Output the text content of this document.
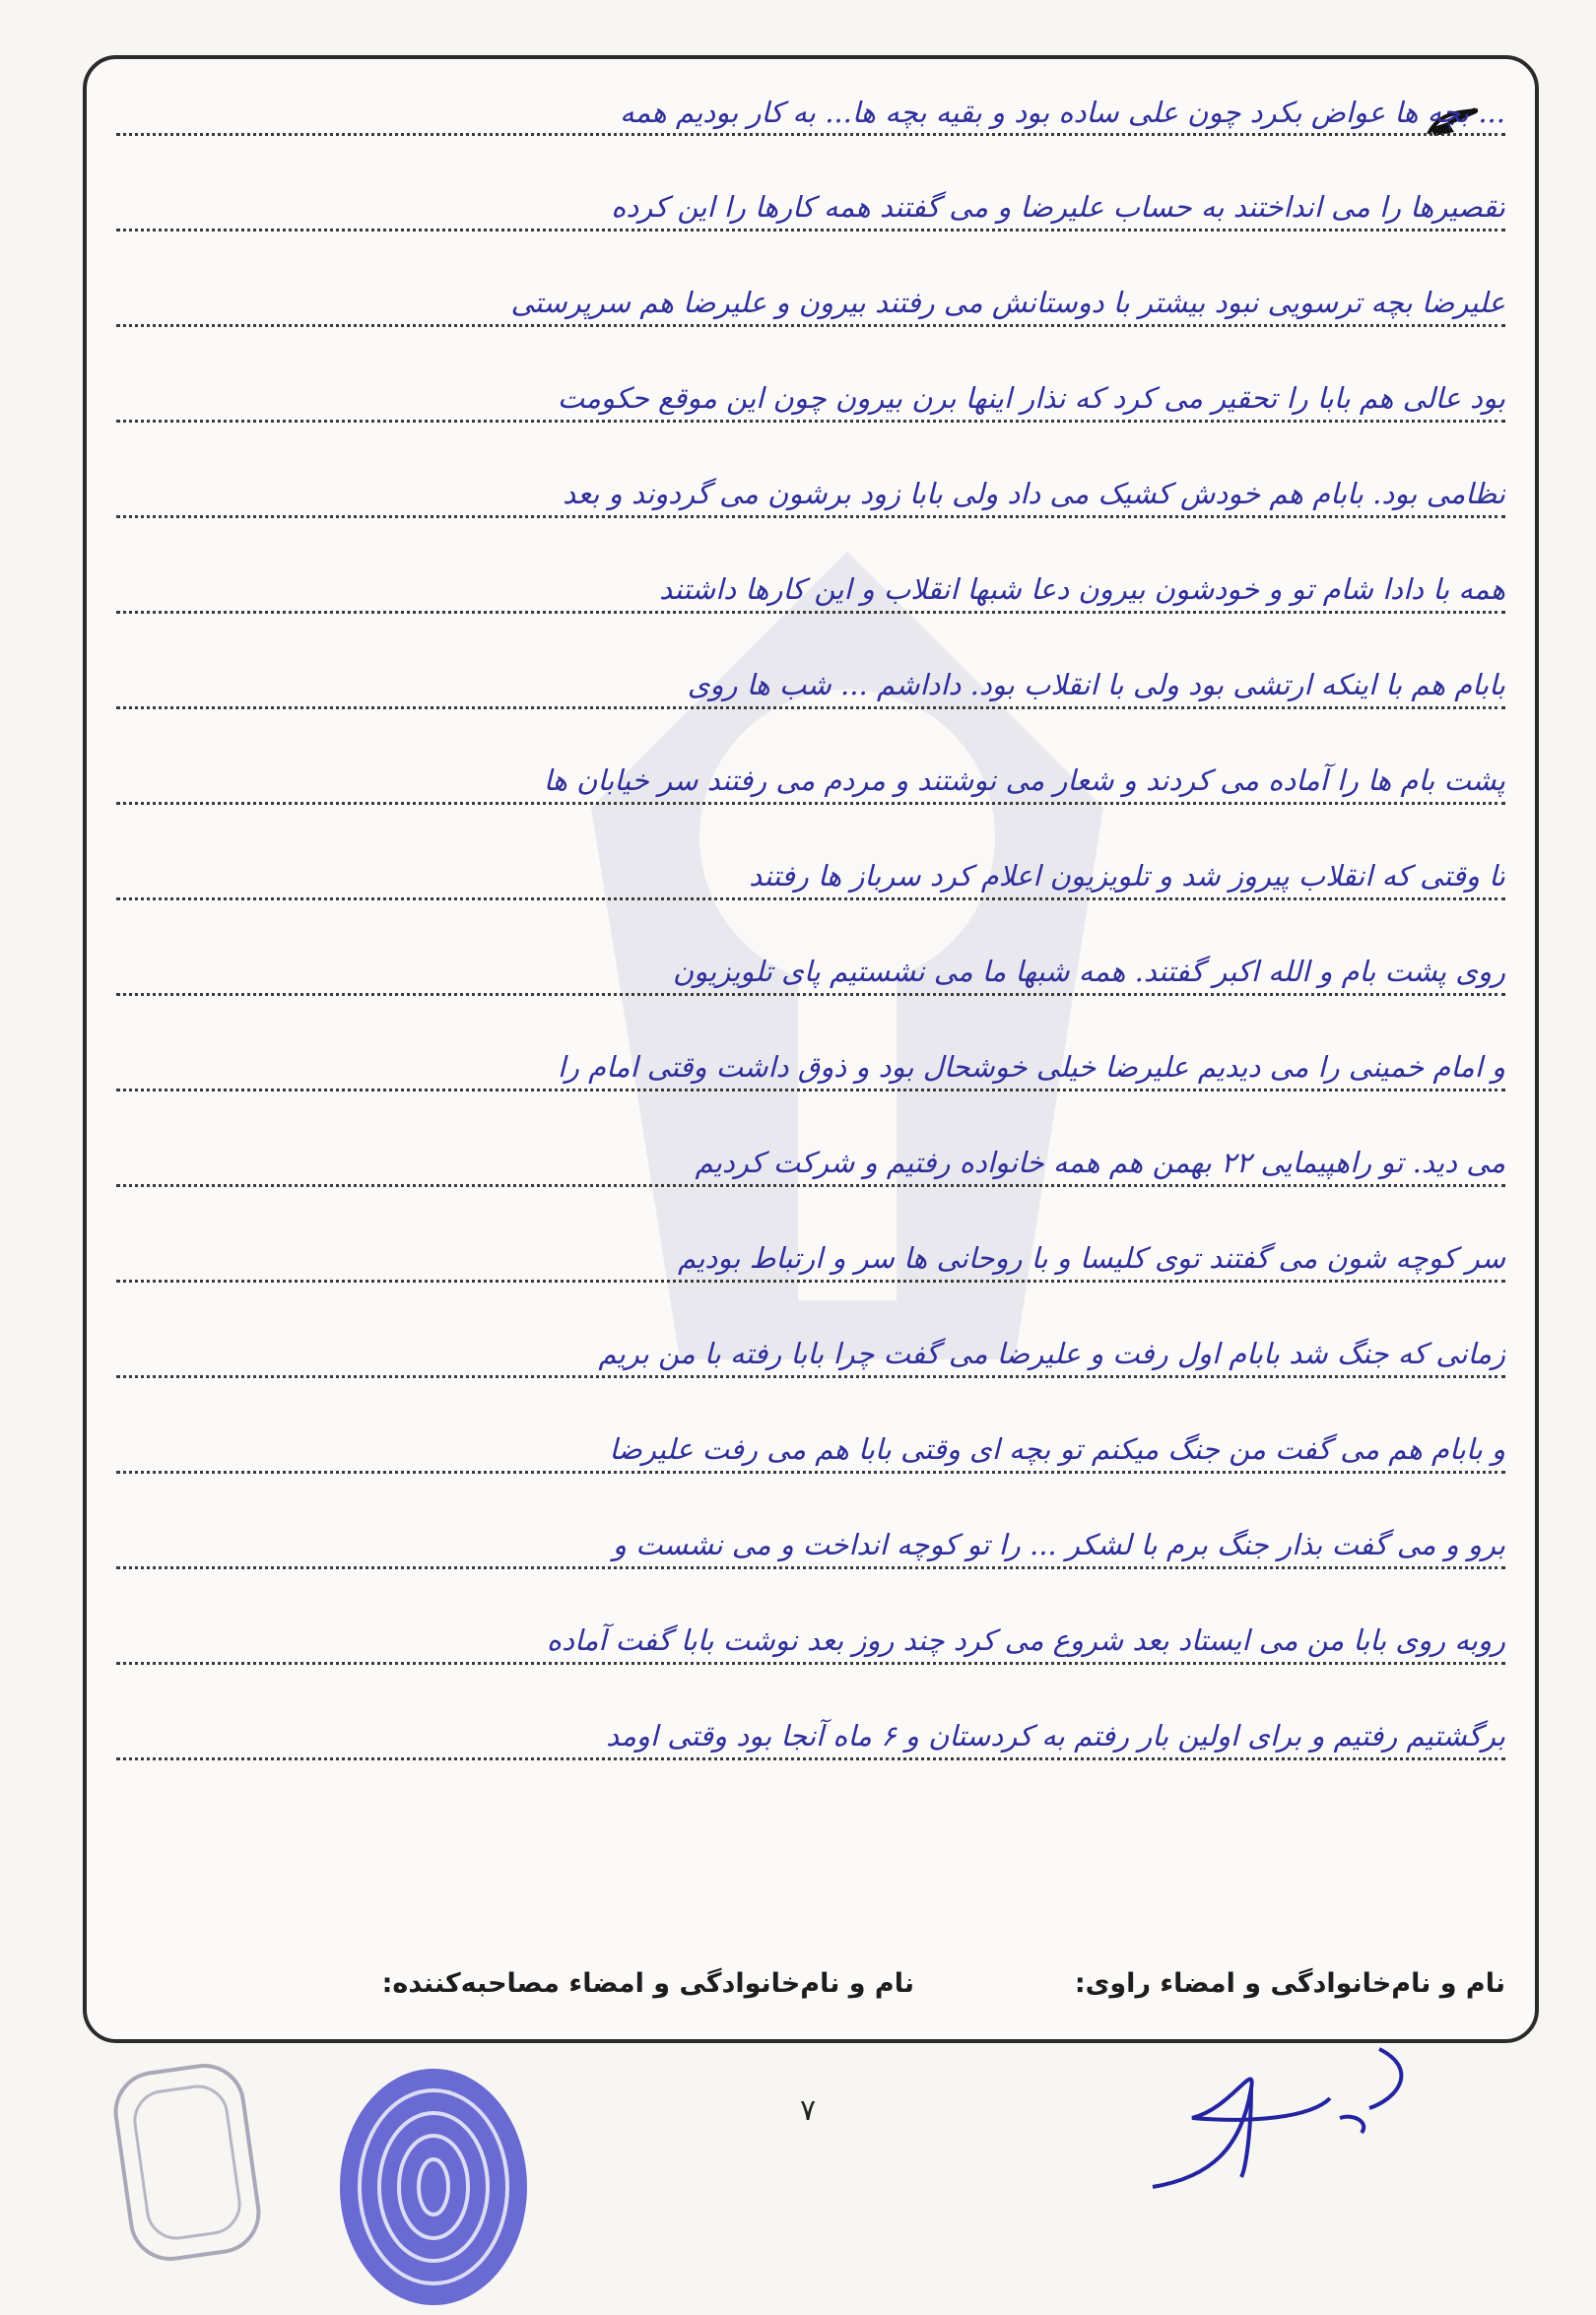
... بچه ها عواض بکرد چون علی ساده بود و بقیه بچه ها... به کار بودیم همه
تقصیرها را می انداختند به حساب علیرضا و می گفتند همه کارها را این کرده
علیرضا بچه ترسویی نبود بیشتر با دوستانش می رفتند بیرون و علیرضا هم سرپرستی
بود عالی هم بابا را تحقیر می کرد که نذار اینها برن بیرون چون این موقع حکومت
نظامی بود. بابام هم خودش کشیک می داد ولی بابا زود برشون می گردوند و بعد
همه با دادا شام تو و خودشون بیرون دعا شبها انقلاب و این کارها داشتند
بابام هم با اینکه ارتشی بود ولی با انقلاب بود. داداشم ... شب ها روی
پشت بام ها را آماده می کردند و شعار می نوشتند و مردم می رفتند سر خیابان ها
تا وقتی که انقلاب پیروز شد و تلویزیون اعلام کرد سرباز ها رفتند
روی پشت بام و الله اکبر گفتند. همه شبها ما می نشستیم پای تلویزیون
و امام خمینی را می دیدیم علیرضا خیلی خوشحال بود و ذوق داشت وقتی امام را
می دید. تو راهپیمایی ۲۲ بهمن هم همه خانواده رفتیم و شرکت کردیم
سر کوچه شون می گفتند توی کلیسا و با روحانی ها سر و ارتباط بودیم
زمانی که جنگ شد بابام اول رفت و علیرضا می گفت چرا بابا رفته با من بریم
و بابام هم می گفت من جنگ میکنم تو بچه ای وقتی بابا هم می رفت علیرضا
برو و می گفت بذار جنگ برم با لشکر ... را تو کوچه انداخت و می نشست و
روبه روی بابا من می ایستاد بعد شروع می کرد چند روز بعد نوشت بابا گفت آماده
برگشتیم رفتیم و برای اولین بار رفتم به کردستان و ۶ ماه آنجا بود وقتی اومد
نام و نام‌خانوادگی و امضاء راوی:
نام و نام‌خانوادگی و امضاء مصاحبه‌کننده:
۷
